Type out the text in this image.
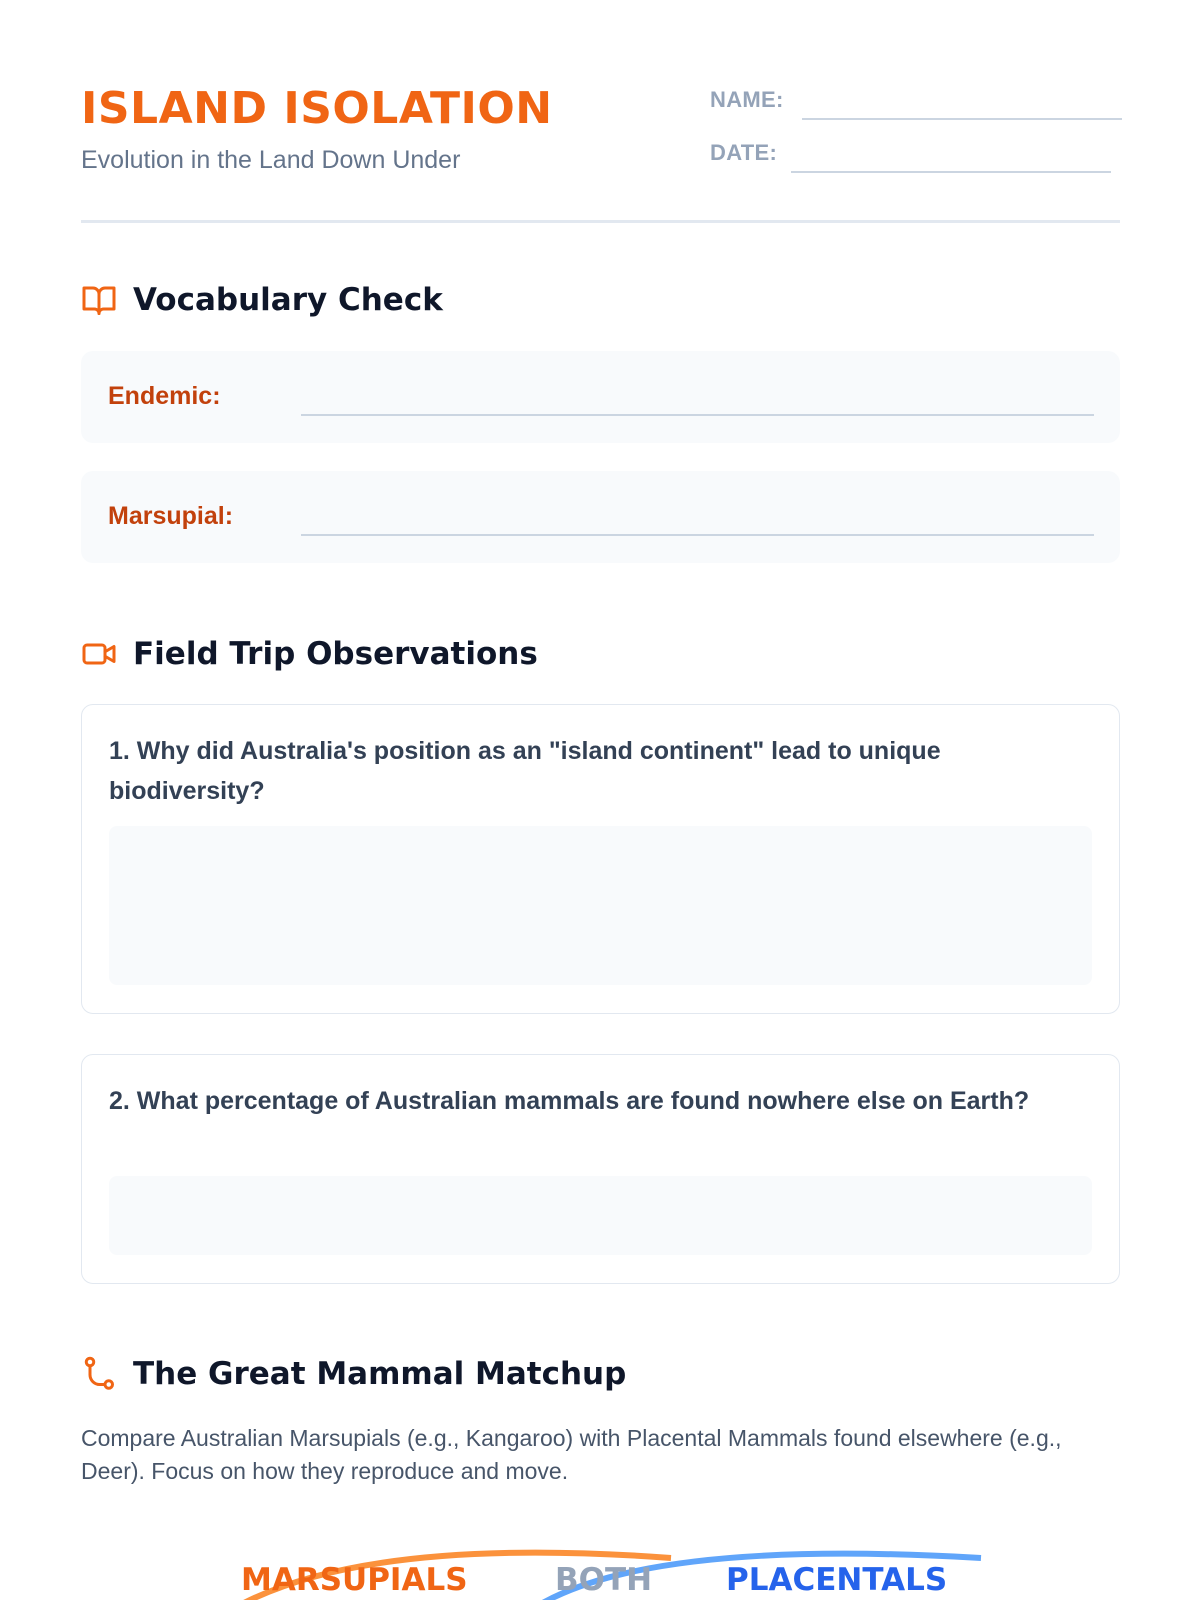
ISLAND ISOLATION
Evolution in the Land Down Under
NAME:
DATE:
Vocabulary Check
Endemic:
Marsupial:
Field Trip Observations
1. Why did Australia's position as an "island continent" lead to unique biodiversity?
2. What percentage of Australian mammals are found nowhere else on Earth?
The Great Mammal Matchup
Compare Australian Marsupials (e.g., Kangaroo) with Placental Mammals found elsewhere (e.g., Deer). Focus on how they reproduce and move.
MARSUPIALS	BOTH PLACENTALS
